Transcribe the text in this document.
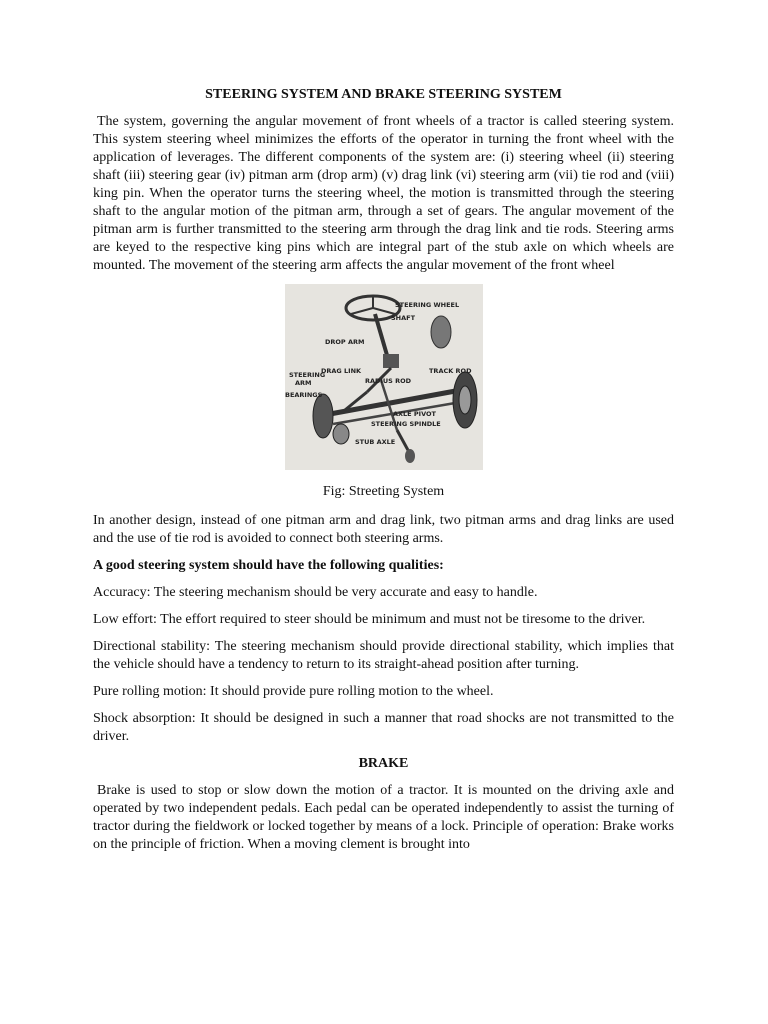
STEERING SYSTEM AND BRAKE STEERING SYSTEM

The system, governing the angular movement of front wheels of a tractor is called steering system. This system steering wheel minimizes the efforts of the operator in turning the front wheel with the application of leverages. The different components of the system are: (i) steering wheel (ii) steering shaft (iii) steering gear (iv) pitman arm (drop arm) (v) drag link (vi) steering arm (vii) tie rod and (viii) king pin. When the operator turns the steering wheel, the motion is transmitted through the steering shaft to the angular motion of the pitman arm, through a set of gears. The angular movement of the pitman arm is further transmitted to the steering arm through the drag link and tie rods. Steering arms are keyed to the respective king pins which are integral part of the stub axle on which wheels are mounted. The movement of the steering arm affects the angular movement of the front wheel

STEERING WHEEL
SHAFT
DROP ARM
DRAG LINK	TRACK ROD
STEERING
ARM	RADIUS ROD
BEARINGS
AXLE PIVOT
STEERING SPINDLE
STUB AXLE
Fig: Streeting System

In another design, instead of one pitman arm and drag link, two pitman arms and drag links are used and the use of tie rod is avoided to connect both steering arms.

A good steering system should have the following qualities:

Accuracy: The steering mechanism should be very accurate and easy to handle.

Low effort: The effort required to steer should be minimum and must not be tiresome to the driver.

Directional stability: The steering mechanism should provide directional stability, which implies that the vehicle should have a tendency to return to its straight-ahead position after turning.

Pure rolling motion: It should provide pure rolling motion to the wheel.

Shock absorption: It should be designed in such a manner that road shocks are not transmitted to the driver.

BRAKE

Brake is used to stop or slow down the motion of a tractor. It is mounted on the driving axle and operated by two independent pedals. Each pedal can be operated independently to assist the turning of tractor during the fieldwork or locked together by means of a lock. Principle of operation: Brake works on the principle of friction. When a moving clement is brought into
